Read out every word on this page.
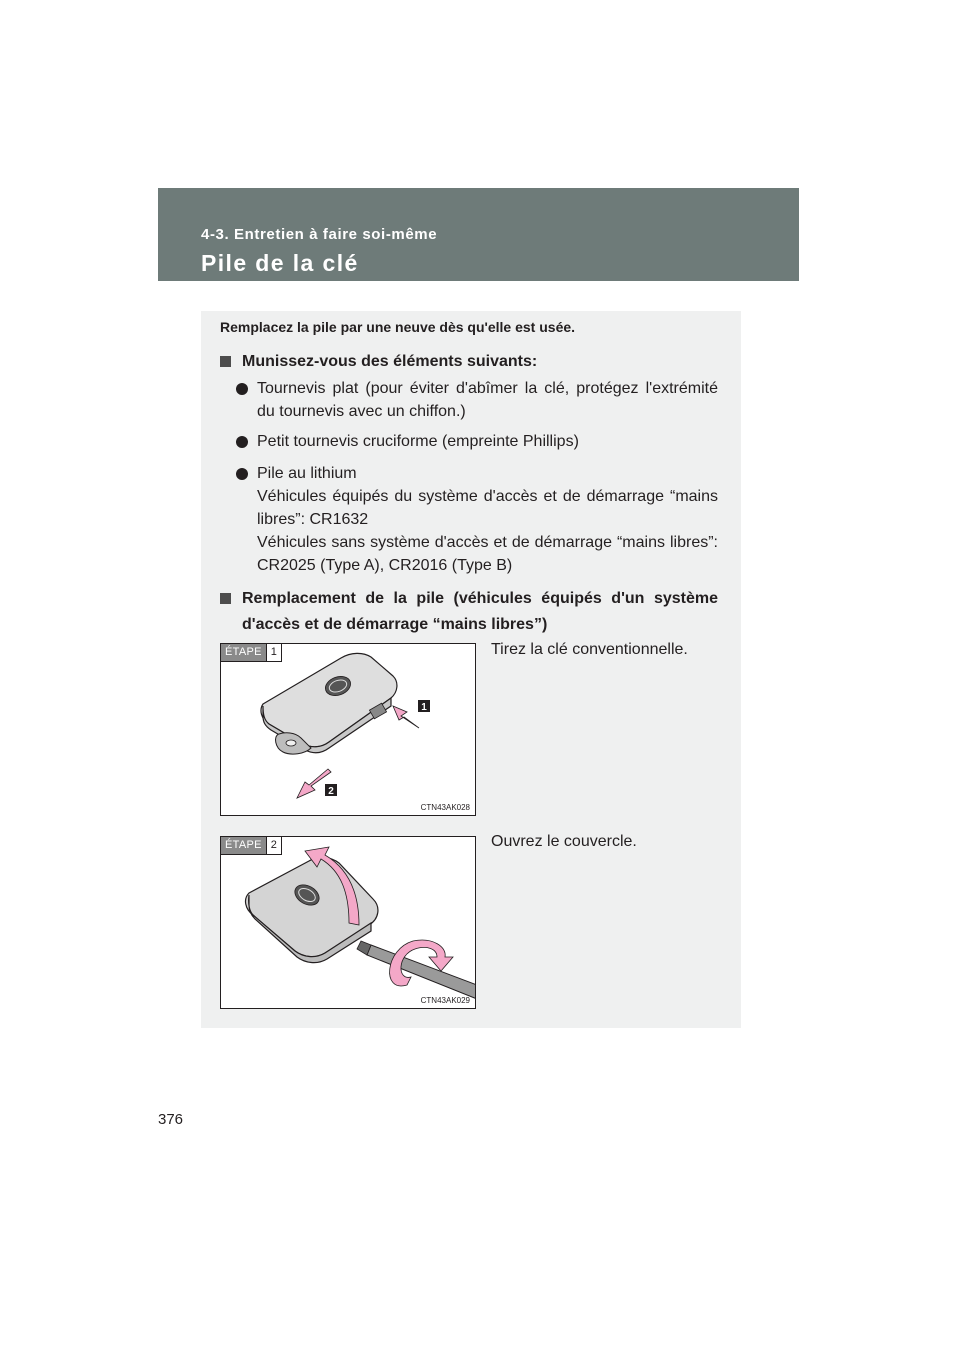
4-3. Entretien à faire soi-même
Pile de la clé
Remplacez la pile par une neuve dès qu'elle est usée.
Munissez-vous des éléments suivants:
Tournevis plat (pour éviter d'abîmer la clé, protégez l'extrémité du tournevis avec un chiffon.)
Petit tournevis cruciforme (empreinte Phillips)
Pile au lithium
Véhicules équipés du système d'accès et de démarrage “mains libres”: CR1632
Véhicules sans système d'accès et de démarrage “mains libres”: CR2025 (Type A), CR2016 (Type B)
Remplacement de la pile (véhicules équipés d'un système d'accès et de démarrage “mains libres”)
1
2
ÉTAPE 1
CTN43AK028
Tirez la clé conventionnelle.
ÉTAPE 2
CTN43AK029
Ouvrez le couvercle.
376
